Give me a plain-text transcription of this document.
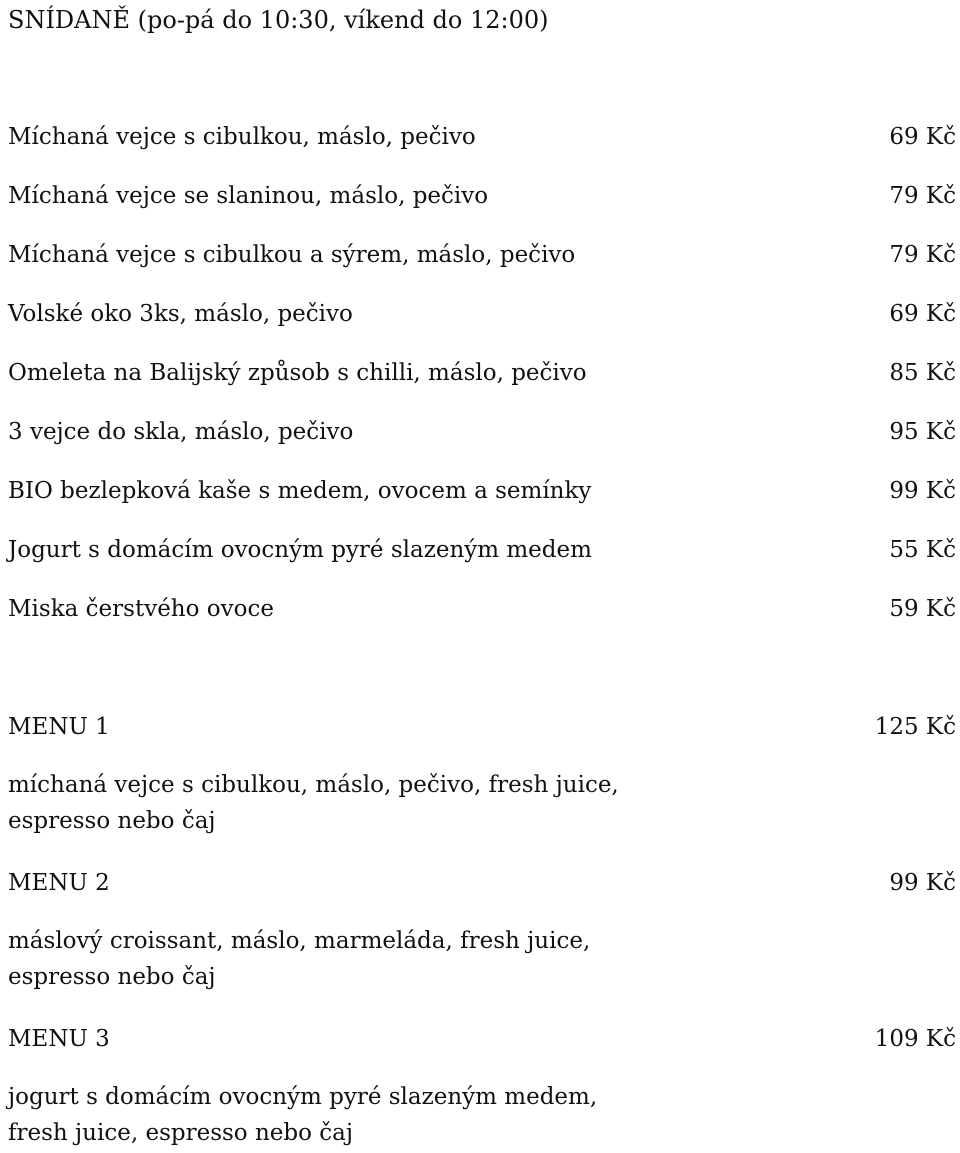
SNÍDANĚ (po-pá do 10:30, víkend do 12:00)
Míchaná vejce s cibulkou, máslo, pečivo	69 Kč
Míchaná vejce se slaninou, máslo, pečivo	79 Kč
Míchaná vejce s cibulkou a sýrem, máslo, pečivo	79 Kč
Volské oko 3ks, máslo, pečivo	69 Kč
Omeleta na Balijský způsob s chilli, máslo, pečivo	85 Kč
3 vejce do skla, máslo, pečivo	95 Kč
BIO bezlepková kaše s medem, ovocem a semínky	99 Kč
Jogurt s domácím ovocným pyré slazeným medem	55 Kč
Miska čerstvého ovoce	59 Kč
MENU 1	125 Kč
míchaná vejce s cibulkou, máslo, pečivo, fresh juice,
espresso nebo čaj
MENU 2	99 Kč
máslový croissant, máslo, marmeláda, fresh juice,
espresso nebo čaj
MENU 3	109 Kč
jogurt s domácím ovocným pyré slazeným medem,
fresh juice, espresso nebo čaj
